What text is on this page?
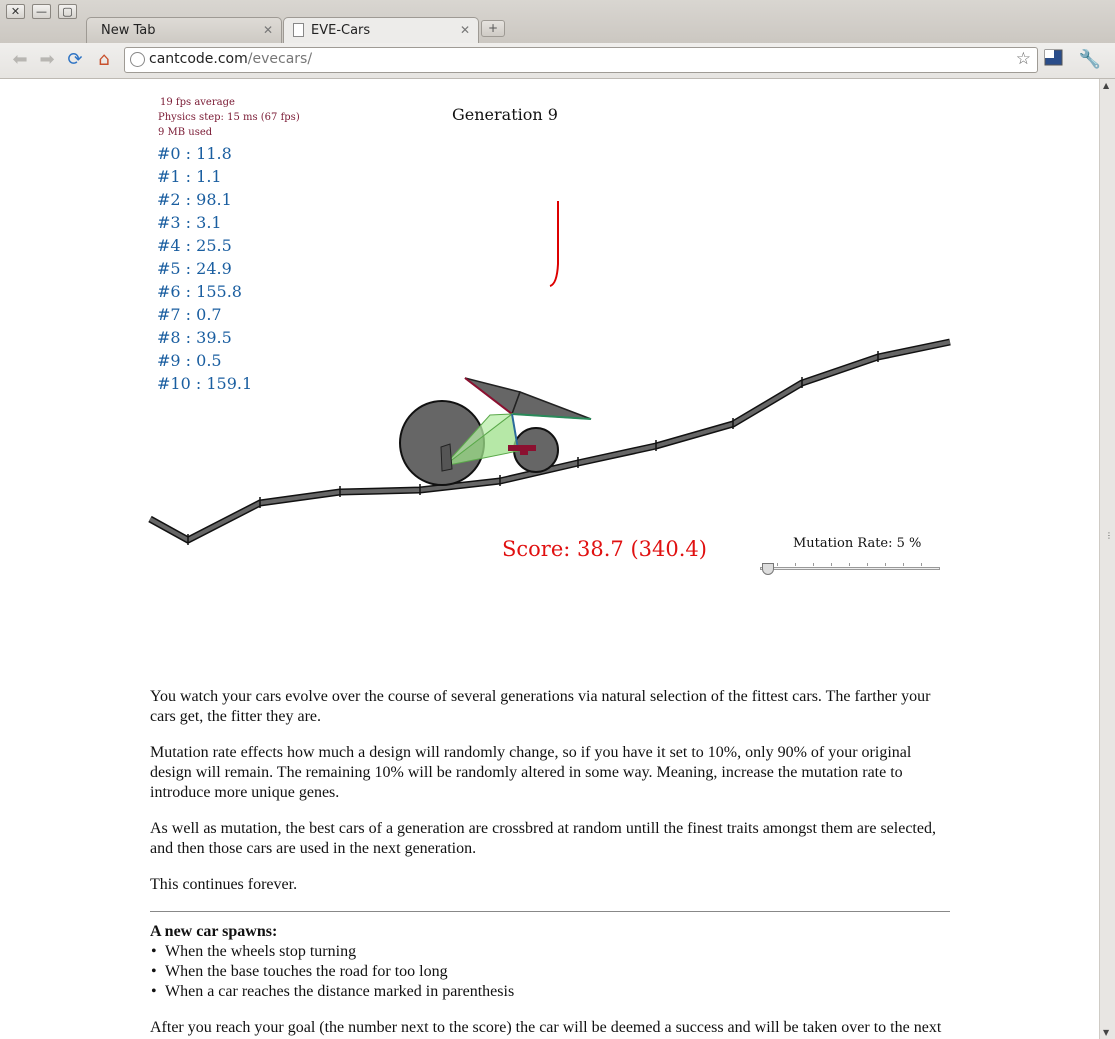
✕	—	▢
New Tab	✕	EVE-Cars	✕	+
⬅ ➡ ⟳ ⌂	cantcode.com/evecars/	☆	🔧
19 fps average
Physics step: 15 ms (67 fps)
9 MB used
#0 : 11.8
#1 : 1.1
#2 : 98.1
#3 : 3.1
#4 : 25.5
#5 : 24.9
#6 : 155.8
#7 : 0.7
#8 : 39.5
#9 : 0.5
#10 : 159.1
Generation 9
Score: 38.7 (340.4)	Mutation Rate: 5 %

You watch your cars evolve over the course of several generations via natural selection of the fittest cars. The farther your cars get, the fitter they are.

Mutation rate effects how much a design will randomly change, so if you have it set to 10%, only 90% of your original design will remain. The remaining 10% will be randomly altered in some way. Meaning, increase the mutation rate to introduce more unique genes.

As well as mutation, the best cars of a generation are crossbred at random untill the finest traits amongst them are selected, and then those cars are used in the next generation.

This continues forever.

A new car spawns:
• When the wheels stop turning
• When the base touches the road for too long
• When a car reaches the distance marked in parenthesis

After you reach your goal (the number next to the score) the car will be deemed a success and will be taken over to the next

▲
⋮
▼
